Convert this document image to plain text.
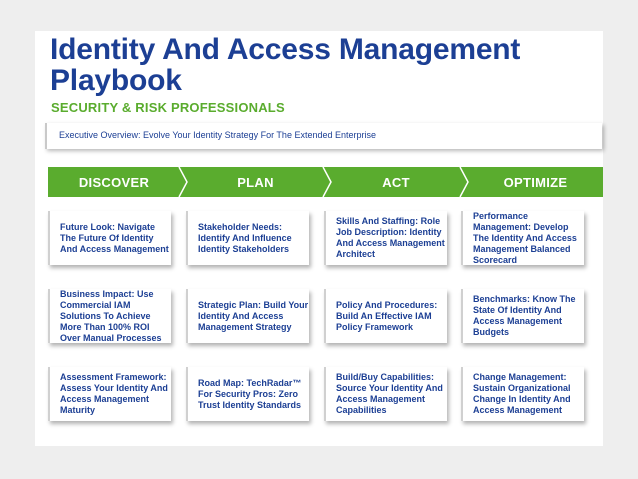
Identity And Access Management Playbook
SECURITY & RISK PROFESSIONALS
Executive Overview: Evolve Your Identity Strategy For The Extended Enterprise
DISCOVER	PLAN	ACT	OPTIMIZE
Future Look: Navigate The Future Of Identity And Access Management
Business Impact: Use Commercial IAM Solutions To Achieve More Than 100% ROI Over Manual Processes
Assessment Framework: Assess Your Identity And Access Management Maturity
Stakeholder Needs: Identify And Influence Identity Stakeholders
Strategic Plan: Build Your Identity And Access Management Strategy
Road Map: TechRadar™ For Security Pros: Zero Trust Identity Standards
Skills And Staffing: Role Job Description: Identity And Access Management Architect
Policy And Procedures: Build An Effective IAM Policy Framework
Build/Buy Capabilities: Source Your Identity And Access Management Capabilities
Performance Management: Develop The Identity And Access Management Balanced Scorecard
Benchmarks: Know The State Of Identity And Access Management Budgets
Change Management: Sustain Organizational Change In Identity And Access Management
